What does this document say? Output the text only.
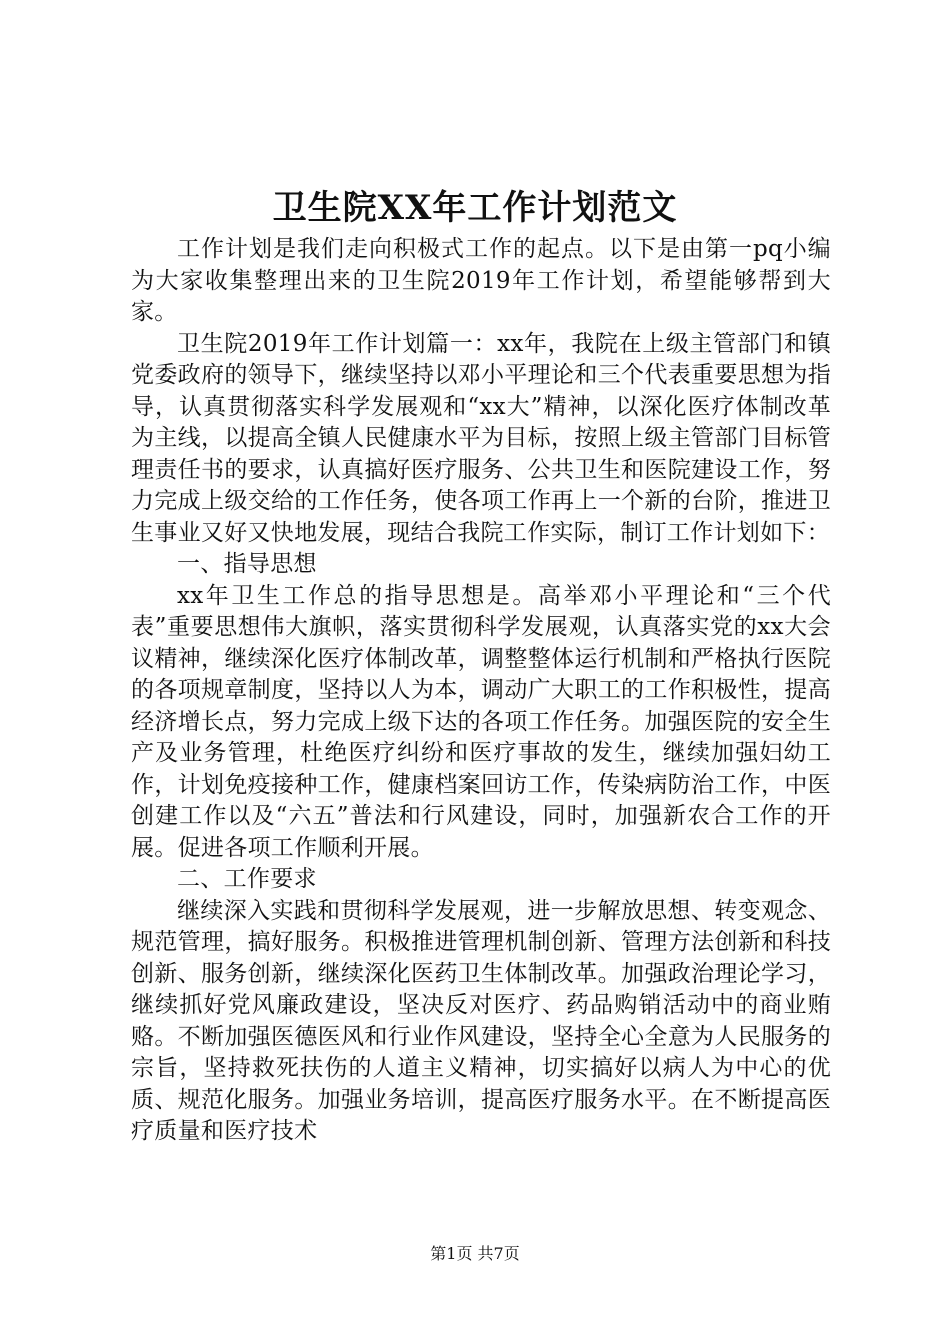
卫生院XX年工作计划范文

工作计划是我们走向积极式工作的起点。以下是由第一pq小编为大家收集整理出来的卫生院2019年工作计划，希望能够帮到大家。

卫生院2019年工作计划篇一：xx年，我院在上级主管部门和镇党委政府的领导下，继续坚持以邓小平理论和三个代表重要思想为指导，认真贯彻落实科学发展观和“xx大”精神，以深化医疗体制改革为主线，以提高全镇人民健康水平为目标，按照上级主管部门目标管理责任书的要求，认真搞好医疗服务、公共卫生和医院建设工作，努力完成上级交给的工作任务，使各项工作再上一个新的台阶，推进卫生事业又好又快地发展，现结合我院工作实际，制订工作计划如下：

一、指导思想

xx年卫生工作总的指导思想是。高举邓小平理论和“三个代表”重要思想伟大旗帜，落实贯彻科学发展观，认真落实党的xx大会议精神，继续深化医疗体制改革，调整整体运行机制和严格执行医院的各项规章制度，坚持以人为本，调动广大职工的工作积极性，提高经济增长点，努力完成上级下达的各项工作任务。加强医院的安全生产及业务管理，杜绝医疗纠纷和医疗事故的发生，继续加强妇幼工作，计划免疫接种工作，健康档案回访工作，传染病防治工作，中医创建工作以及“六五”普法和行风建设，同时，加强新农合工作的开展。促进各项工作顺利开展。

二、工作要求

继续深入实践和贯彻科学发展观，进一步解放思想、转变观念、规范管理，搞好服务。积极推进管理机制创新、管理方法创新和科技创新、服务创新，继续深化医药卫生体制改革。加强政治理论学习，继续抓好党风廉政建设，坚决反对医疗、药品购销活动中的商业贿赂。不断加强医德医风和行业作风建设，坚持全心全意为人民服务的宗旨，坚持救死扶伤的人道主义精神，切实搞好以病人为中心的优质、规范化服务。加强业务培训，提高医疗服务水平。在不断提高医疗质量和医疗技术

第1页 共7页
